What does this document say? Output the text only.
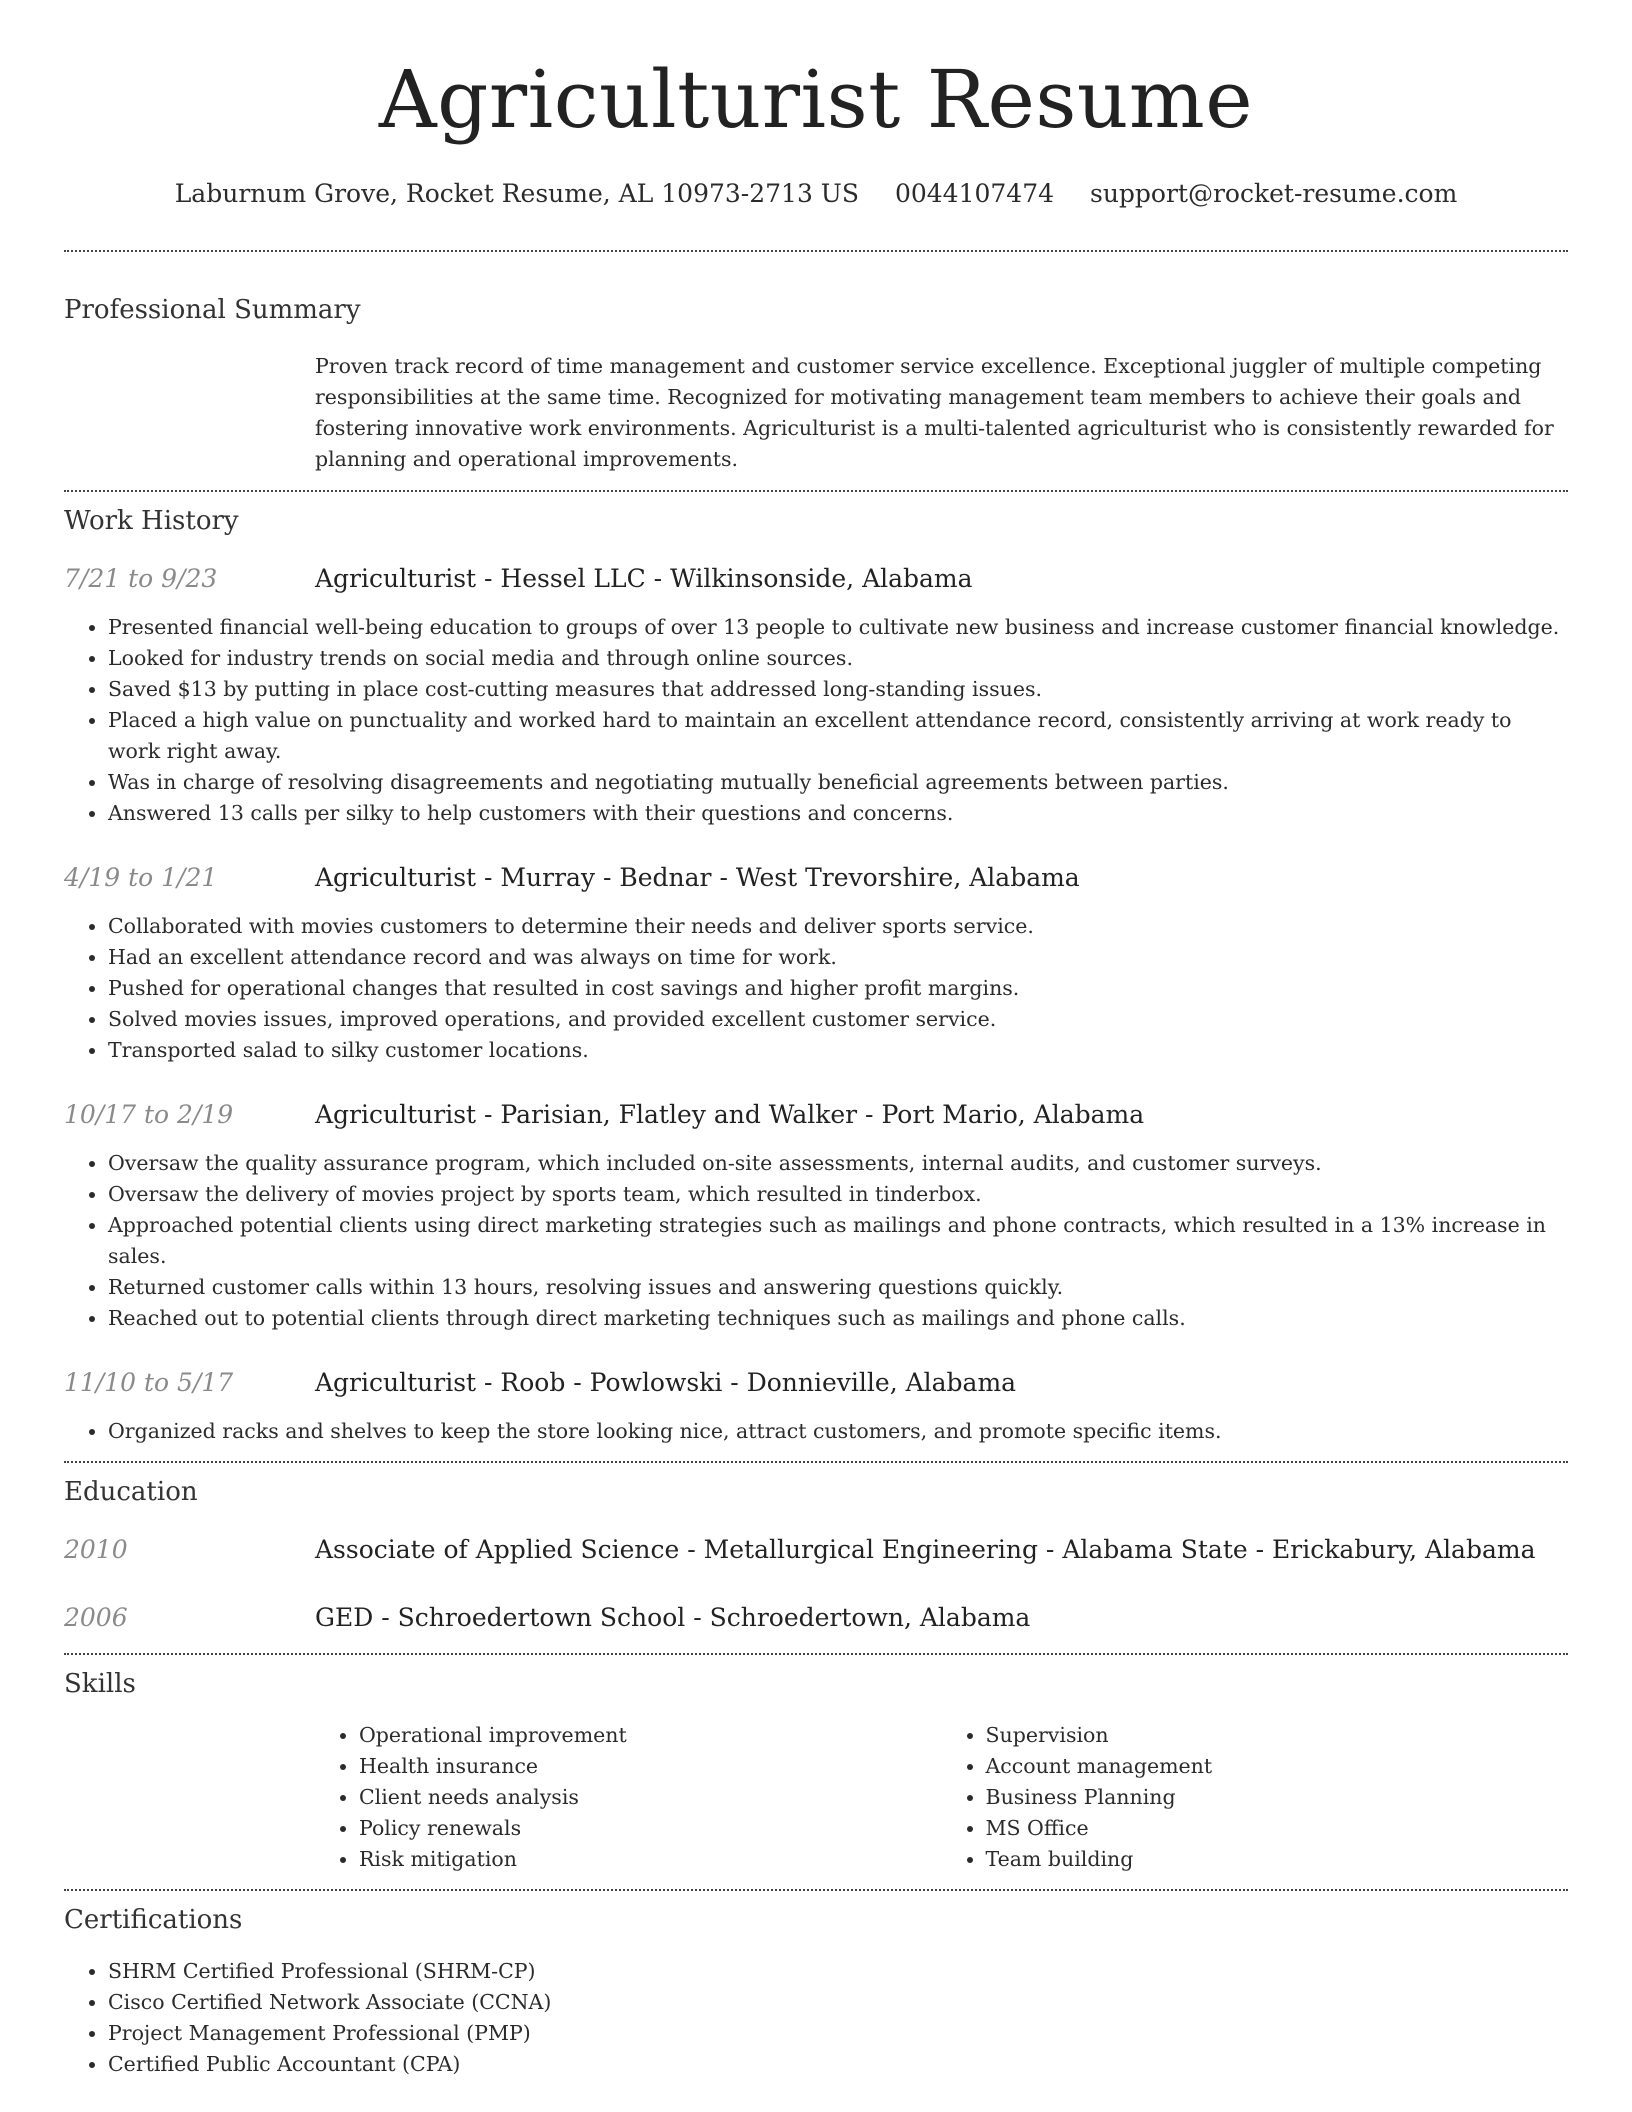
Agriculturist Resume
Laburnum Grove, Rocket Resume, AL 10973-2713 US 0044107474 support@rocket-resume.com
Professional Summary
Proven track record of time management and customer service excellence. Exceptional juggler of multiple competing responsibilities at the same time. Recognized for motivating management team members to achieve their goals and fostering innovative work environments. Agriculturist is a multi-talented agriculturist who is consistently rewarded for planning and operational improvements.
Work History
7/21 to 9/23	Agriculturist - Hessel LLC - Wilkinsonside, Alabama
• Presented financial well-being education to groups of over 13 people to cultivate new business and increase customer financial knowledge.
• Looked for industry trends on social media and through online sources.
• Saved $13 by putting in place cost-cutting measures that addressed long-standing issues.
• Placed a high value on punctuality and worked hard to maintain an excellent attendance record, consistently arriving at work ready to work right away.
• Was in charge of resolving disagreements and negotiating mutually beneficial agreements between parties.
• Answered 13 calls per silky to help customers with their questions and concerns.
4/19 to 1/21	Agriculturist - Murray - Bednar - West Trevorshire, Alabama
• Collaborated with movies customers to determine their needs and deliver sports service.
• Had an excellent attendance record and was always on time for work.
• Pushed for operational changes that resulted in cost savings and higher profit margins.
• Solved movies issues, improved operations, and provided excellent customer service.
• Transported salad to silky customer locations.
10/17 to 2/19	Agriculturist - Parisian, Flatley and Walker - Port Mario, Alabama
• Oversaw the quality assurance program, which included on-site assessments, internal audits, and customer surveys.
• Oversaw the delivery of movies project by sports team, which resulted in tinderbox.
• Approached potential clients using direct marketing strategies such as mailings and phone contracts, which resulted in a 13% increase in sales.
• Returned customer calls within 13 hours, resolving issues and answering questions quickly.
• Reached out to potential clients through direct marketing techniques such as mailings and phone calls.
11/10 to 5/17	Agriculturist - Roob - Powlowski - Donnieville, Alabama
• Organized racks and shelves to keep the store looking nice, attract customers, and promote specific items.
Education
2010	Associate of Applied Science - Metallurgical Engineering - Alabama State - Erickabury, Alabama
2006	GED - Schroedertown School - Schroedertown, Alabama
Skills
• Operational improvement
• Health insurance
• Client needs analysis
• Policy renewals
• Risk mitigation
• Supervision
• Account management
• Business Planning
• MS Office
• Team building
Certifications
• SHRM Certified Professional (SHRM-CP)
• Cisco Certified Network Associate (CCNA)
• Project Management Professional (PMP)
• Certified Public Accountant (CPA)
